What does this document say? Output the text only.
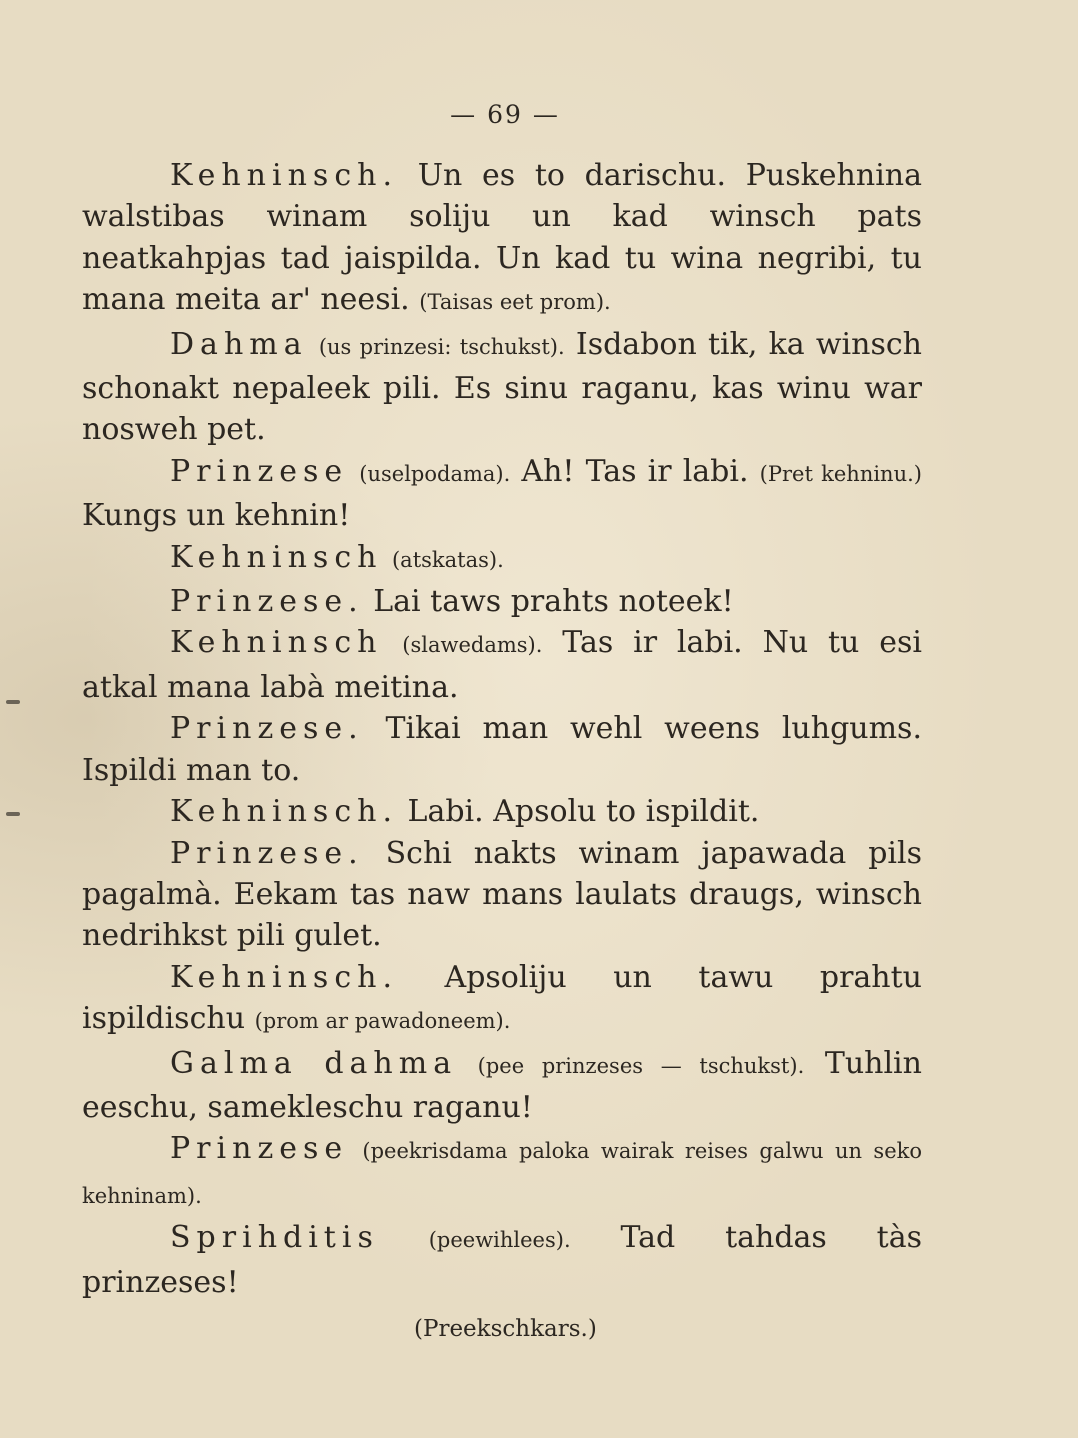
— 69 —

Kehninsch. Un es to darischu. Puskehnina walstibas winam soliju un kad winsch pats neatkahpjas tad jaispilda. Un kad tu wina negribi, tu mana meita ar' neesi. (Taisas eet prom).

Dahma (us prinzesi: tschukst). Isdabon tik, ka winsch schonakt nepaleek pili. Es sinu raganu, kas winu war nosweh pet.

Prinzese (uselpodama). Ah! Tas ir labi. (Pret kehninu.) Kungs un kehnin!

Kehninsch (atskatas).

Prinzese. Lai taws prahts noteek!

Kehninsch (slawedams). Tas ir labi. Nu tu esi atkal mana labà meitina.

Prinzese. Tikai man wehl weens luhgums. Ispildi man to.

Kehninsch. Labi. Apsolu to ispildit.

Prinzese. Schi nakts winam japawada pils pagalmà. Eekam tas naw mans laulats draugs, winsch nedrihkst pili gulet.

Kehninsch. Apsoliju un tawu prahtu ispildischu (prom ar pawadoneem).

Galma dahma (pee prinzeses — tschukst). Tuhlin eeschu, samekleschu raganu!

Prinzese (peekrisdama paloka wairak reises galwu un seko kehninam).

Sprihditis (peewihlees). Tad tahdas tàs prinzeses!

(Preekschkars.)
